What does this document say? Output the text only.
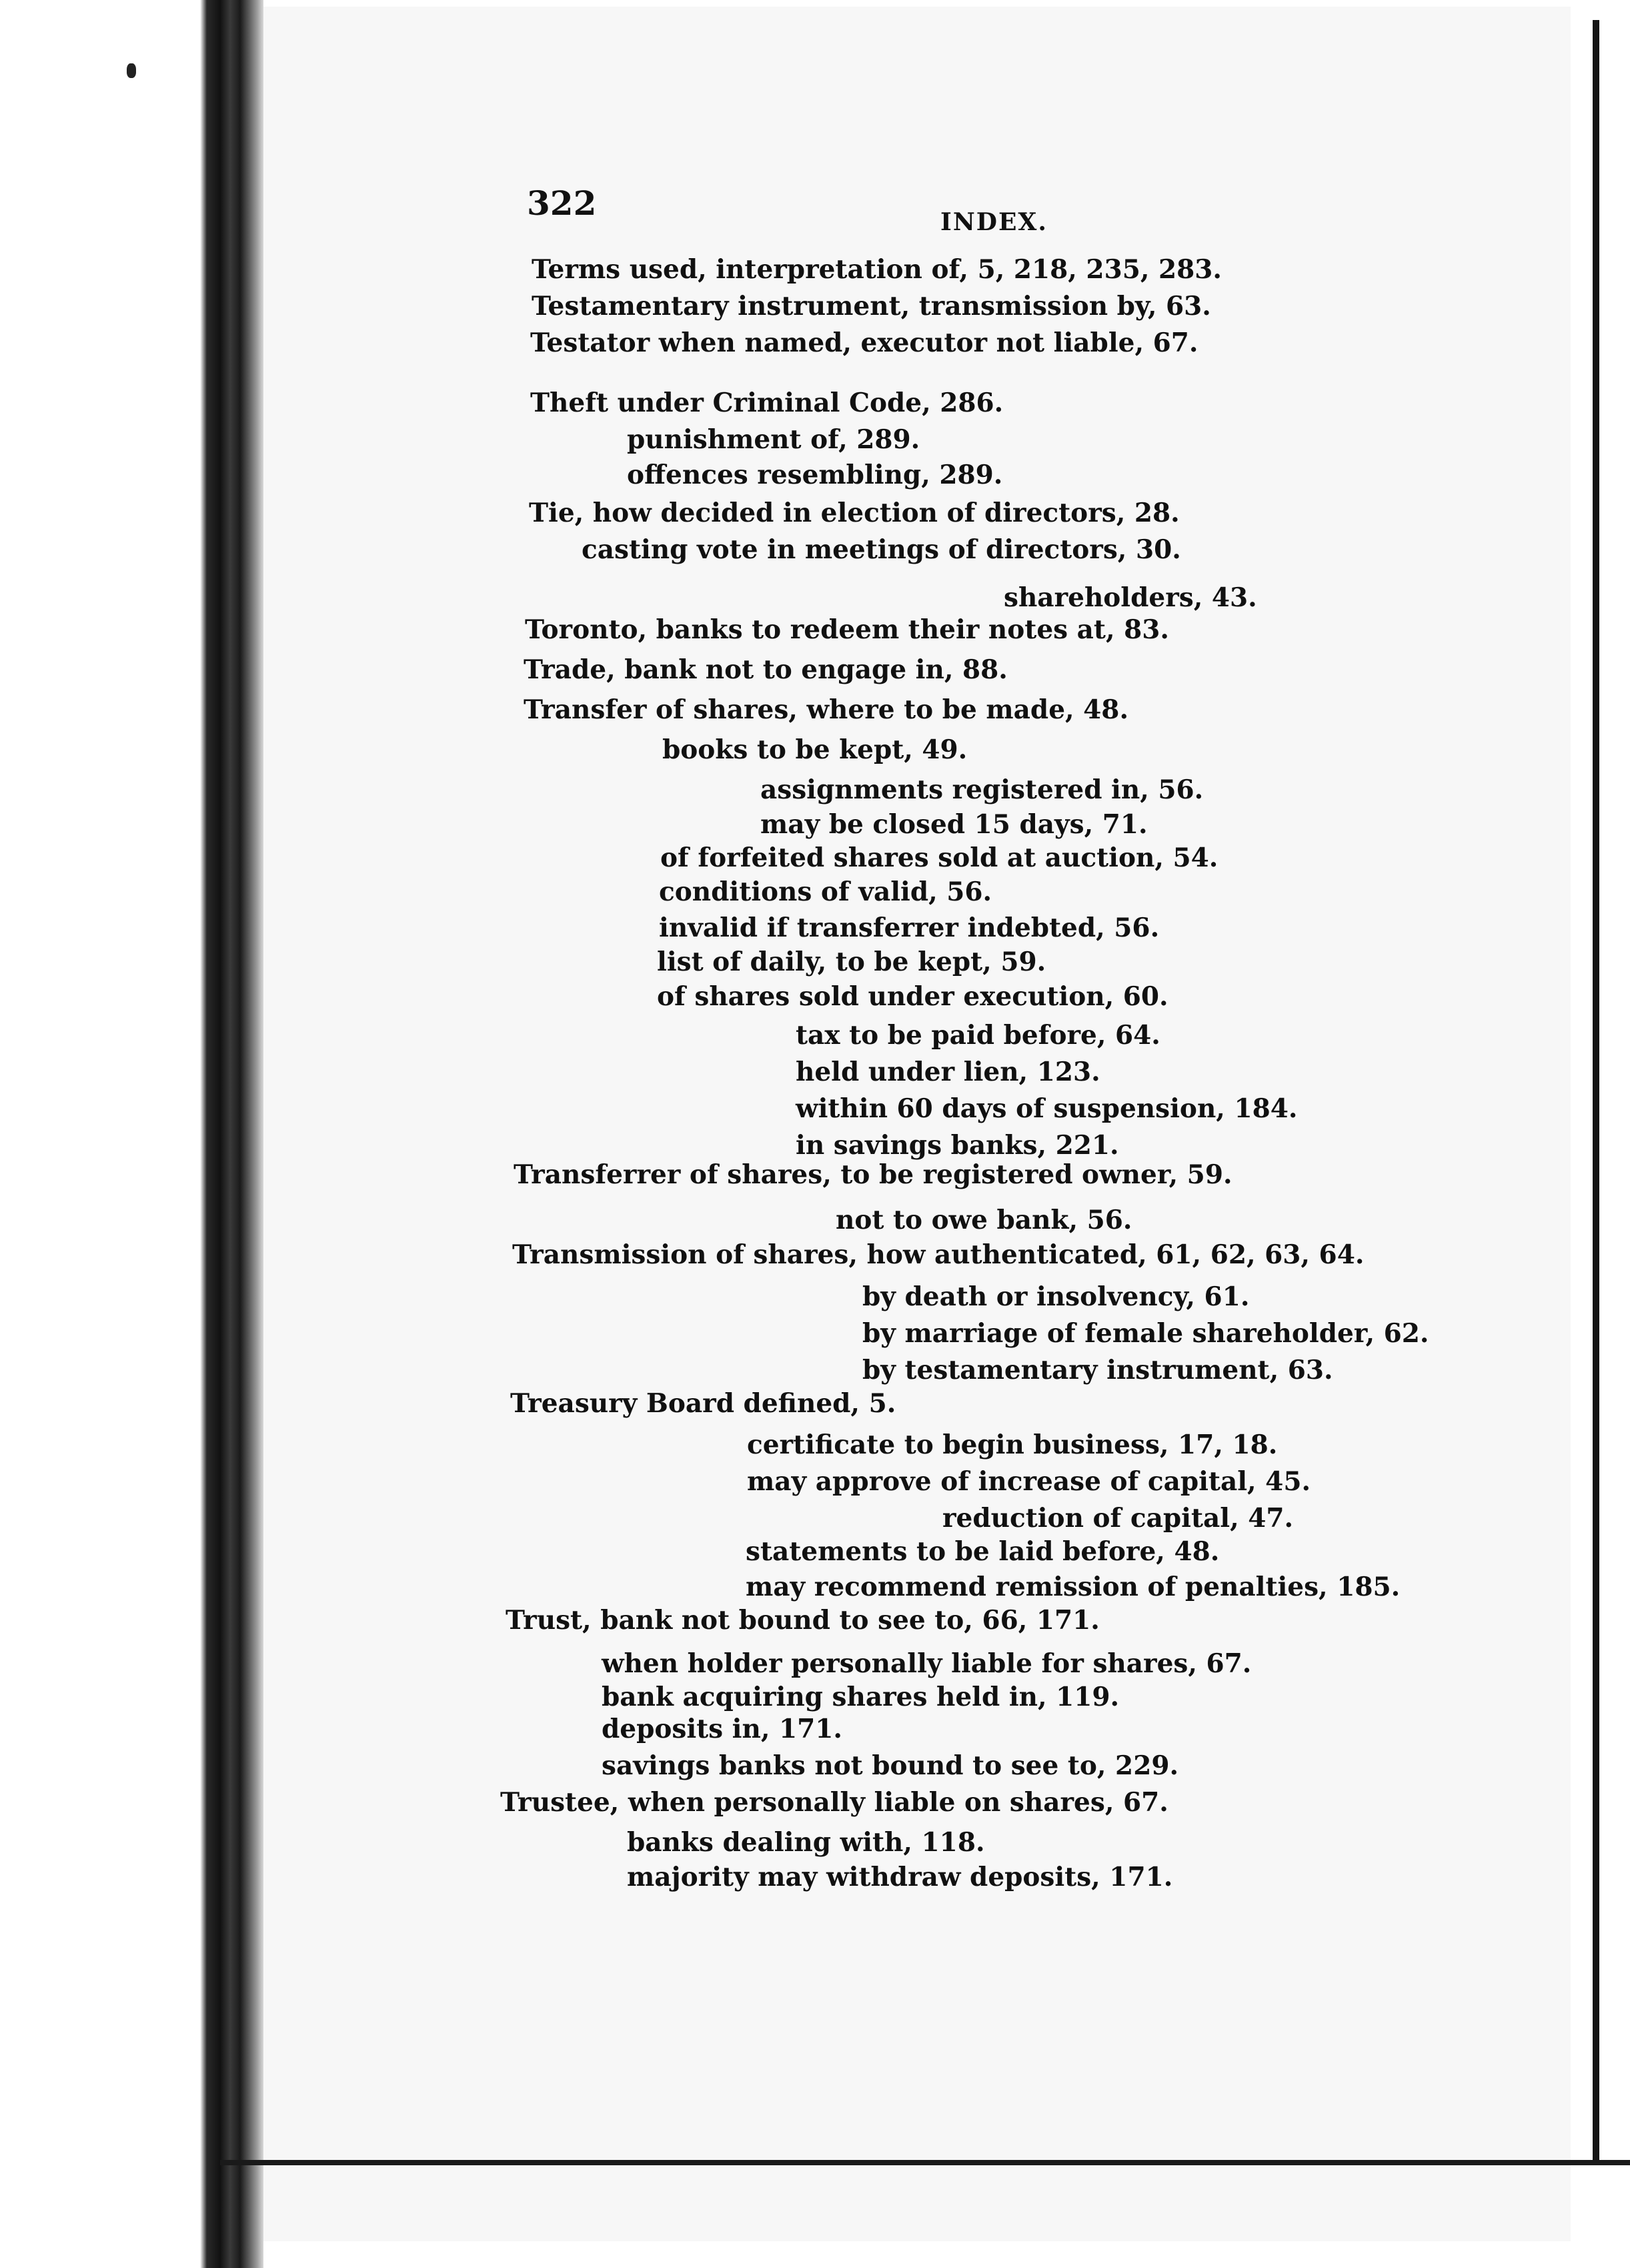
322	INDEX.
Terms used, interpretation of, 5, 218, 235, 283.
Testamentary instrument, transmission by, 63.
Testator when named, executor not liable, 67.
Theft under Criminal Code, 286.
punishment of, 289.
offences resembling, 289.
Tie, how decided in election of directors, 28.
casting vote in meetings of directors, 30.
shareholders, 43.
Toronto, banks to redeem their notes at, 83.
Trade, bank not to engage in, 88.
Transfer of shares, where to be made, 48.
books to be kept, 49.
assignments registered in, 56.
may be closed 15 days, 71.
of forfeited shares sold at auction, 54.
conditions of valid, 56.
invalid if transferrer indebted, 56.
list of daily, to be kept, 59.
of shares sold under execution, 60.
tax to be paid before, 64.
held under lien, 123.
within 60 days of suspension, 184.
in savings banks, 221.
Transferrer of shares, to be registered owner, 59.
not to owe bank, 56.
Transmission of shares, how authenticated, 61, 62, 63, 64.
by death or insolvency, 61.
by marriage of female shareholder, 62.
by testamentary instrument, 63.
Treasury Board defined, 5.
certificate to begin business, 17, 18.
may approve of increase of capital, 45.
reduction of capital, 47.
statements to be laid before, 48.
may recommend remission of penalties, 185.
Trust, bank not bound to see to, 66, 171.
when holder personally liable for shares, 67.
bank acquiring shares held in, 119.
deposits in, 171.
savings banks not bound to see to, 229.
Trustee, when personally liable on shares, 67.
banks dealing with, 118.
majority may withdraw deposits, 171.
